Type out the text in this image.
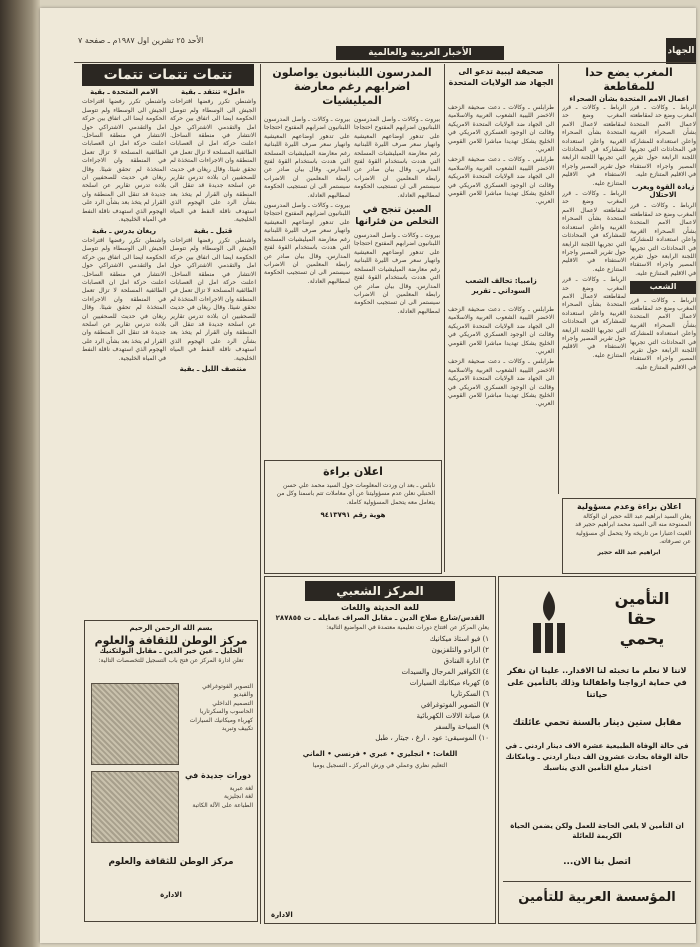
الأحد ٢٥ تشرين اول ١٩٨٧م ـ صفحة ٧
الأخبار العربية والعالمية	الجهاد
تتمات تتمات تتمات

الامم المتحدة ـ بقية

واشنطن تكرر رفضها اقتراحات الجيش الى الوسطاء ولم تتوصل الحكومة ايضا الى اتفاق بين حركة امل والتقدمي الاشتراكي حول الانتشار في منطقة الساحل. اعلنت حركة امل ان العصابات الطائفية المسلحة لا تزال تعمل في المنطقة وان الاجراءات المتخذة لم تحقق شيئا. وقال ريغان في حديث للصحفيين ان بلاده تدرس تقارير عن اسلحة جديدة قد تنقل الى المنطقة وان القرار لم يتخذ بعد بشأن الرد على الهجوم الذي استهدف ناقلة النفط في المياه الخليجية.

ريغان يدرس ـ بقية

واشنطن تكرر رفضها اقتراحات الجيش الى الوسطاء ولم تتوصل الحكومة ايضا الى اتفاق بين حركة امل والتقدمي الاشتراكي حول الانتشار في منطقة الساحل. اعلنت حركة امل ان العصابات الطائفية المسلحة لا تزال تعمل في المنطقة وان الاجراءات المتخذة لم تحقق شيئا. وقال ريغان في حديث للصحفيين ان بلاده تدرس تقارير عن اسلحة جديدة قد تنقل الى المنطقة وان القرار لم يتخذ بعد بشأن الرد على الهجوم الذي استهدف ناقلة النفط في المياه الخليجية.

«أمل» تنتقد ـ بقية

واشنطن تكرر رفضها اقتراحات الجيش الى الوسطاء ولم تتوصل الحكومة ايضا الى اتفاق بين حركة امل والتقدمي الاشتراكي حول الانتشار في منطقة الساحل. اعلنت حركة امل ان العصابات الطائفية المسلحة لا تزال تعمل في المنطقة وان الاجراءات المتخذة لم تحقق شيئا. وقال ريغان في حديث للصحفيين ان بلاده تدرس تقارير عن اسلحة جديدة قد تنقل الى المنطقة وان القرار لم يتخذ بعد بشأن الرد على الهجوم الذي استهدف ناقلة النفط في المياه الخليجية.

قتيل ـ بقية

واشنطن تكرر رفضها اقتراحات الجيش الى الوسطاء ولم تتوصل الحكومة ايضا الى اتفاق بين حركة امل والتقدمي الاشتراكي حول الانتشار في منطقة الساحل. اعلنت حركة امل ان العصابات الطائفية المسلحة لا تزال تعمل في المنطقة وان الاجراءات المتخذة لم تحقق شيئا. وقال ريغان في حديث للصحفيين ان بلاده تدرس تقارير عن اسلحة جديدة قد تنقل الى المنطقة وان القرار لم يتخذ بعد بشأن الرد على الهجوم الذي استهدف ناقلة النفط في المياه الخليجية.

منتصف الليل ـ بقية

بسم الله الرحمن الرحيم
مركز الوطن للثقافة والعلوم
الخليل ـ عين خير الدين ـ مقابل البولتكنيك
تعلن ادارة المركز عن فتح باب التسجيل للتخصصات التالية:
التصوير الفوتوغرافي والفيديو
التصميم الداخلي
الحاسوب والسكرتاريا
كهرباء وميكانيك السيارات
تكييف وتبريد
دورات جديدة في
لغة عبرية
لغة انجليزية
الطباعة على الآلة الكاتبة
مركز الوطن للثقافة والعلوم
الادارة
المدرسون اللبنانيون يواصلون اضرابهم رغم معارضة الميليشيات

بيروت ـ وكالات ـ واصل المدرسون اللبنانيون اضرابهم المفتوح احتجاجا على تدهور اوضاعهم المعيشية وانهيار سعر صرف الليرة اللبنانية رغم معارضة الميليشيات المسلحة التي هددت باستخدام القوة لفتح المدارس. وقال بيان صادر عن رابطة المعلمين ان الاضراب سيستمر الى ان تستجيب الحكومة لمطالبهم العادلة.

بيروت ـ وكالات ـ واصل المدرسون اللبنانيون اضرابهم المفتوح احتجاجا على تدهور اوضاعهم المعيشية وانهيار سعر صرف الليرة اللبنانية رغم معارضة الميليشيات المسلحة التي هددت باستخدام القوة لفتح المدارس. وقال بيان صادر عن رابطة المعلمين ان الاضراب سيستمر الى ان تستجيب الحكومة لمطالبهم العادلة.

بيروت ـ وكالات ـ واصل المدرسون اللبنانيون اضرابهم المفتوح احتجاجا على تدهور اوضاعهم المعيشية وانهيار سعر صرف الليرة اللبنانية رغم معارضة الميليشيات المسلحة التي هددت باستخدام القوة لفتح المدارس. وقال بيان صادر عن رابطة المعلمين ان الاضراب سيستمر الى ان تستجيب الحكومة لمطالبهم العادلة.

الصين تنجح في التخلص من فئرانها

بيروت ـ وكالات ـ واصل المدرسون اللبنانيون اضرابهم المفتوح احتجاجا على تدهور اوضاعهم المعيشية وانهيار سعر صرف الليرة اللبنانية رغم معارضة الميليشيات المسلحة التي هددت باستخدام القوة لفتح المدارس. وقال بيان صادر عن رابطة المعلمين ان الاضراب سيستمر الى ان تستجيب الحكومة لمطالبهم العادلة.

اعلان براءة
نابلس ـ بعد ان وردت المعلومات حول السيد محمد علي حسن الحنبلي نعلن عدم مسؤوليتنا عن أي معاملات تتم باسمنا وكل من يتعامل معه يتحمل المسؤولية كاملة.
هوية رقم ٩٤١٣٧٩١
المركز الشعبي
للغة الحديثة واللغات
القدس/شارع صلاح الدين ـ مقابل الصراف عمايله ـ ت ٢٨٧٨٥٥
يعلن المركز عن افتتاح دورات تعليمية معتمدة في المواضيع التالية:
١) فيو استاذ ميكانيك
٢) الرادو والتلفزيون
٣) ادارة الفنادق
٤) الكوافير المرجال والسيدات
٥) كهرباء ميكانيك السيارات
٦) السكرتاريا
٧) التصوير الفوتوغرافي
٨) صيانة الالات الكهربائية
٩) السياحة والسفر
١٠) الموسيقى: عود ، ارغ ، جيتار ، طبل
اللغات: • انجليزي • عبري • فرنسي • الماني
التعليم نظري وعملي في ورش المركز ـ التسجيل يوميا
الادارة
صحيفة ليبية تدعو الى الجهاد ضد الولايات المتحدة

طرابلس ـ وكالات ـ دعت صحيفة الزحف الاخضر الليبية الشعوب العربية والاسلامية الى الجهاد ضد الولايات المتحدة الامريكية وقالت ان الوجود العسكري الامريكي في الخليج يشكل تهديدا مباشرا للامن القومي العربي.

طرابلس ـ وكالات ـ دعت صحيفة الزحف الاخضر الليبية الشعوب العربية والاسلامية الى الجهاد ضد الولايات المتحدة الامريكية وقالت ان الوجود العسكري الامريكي في الخليج يشكل تهديدا مباشرا للامن القومي العربي.

زامبيا: تحالف الشعب السوداني ـ تقرير

طرابلس ـ وكالات ـ دعت صحيفة الزحف الاخضر الليبية الشعوب العربية والاسلامية الى الجهاد ضد الولايات المتحدة الامريكية وقالت ان الوجود العسكري الامريكي في الخليج يشكل تهديدا مباشرا للامن القومي العربي.

طرابلس ـ وكالات ـ دعت صحيفة الزحف الاخضر الليبية الشعوب العربية والاسلامية الى الجهاد ضد الولايات المتحدة الامريكية وقالت ان الوجود العسكري الامريكي في الخليج يشكل تهديدا مباشرا للامن القومي العربي.

المغرب يضع حدا للمقاطعة
اعمال الامم المتحدة بشأن الصحراء

الرباط ـ وكالات ـ قرر المغرب وضع حد لمقاطعته لاعمال الامم المتحدة بشأن الصحراء الغربية واعلن استعداده للمشاركة في المحادثات التي تجريها اللجنة الرابعة حول تقرير المصير واجراء الاستفتاء في الاقليم المتنازع عليه.

الرباط ـ وكالات ـ قرر المغرب وضع حد لمقاطعته لاعمال الامم المتحدة بشأن الصحراء الغربية واعلن استعداده للمشاركة في المحادثات التي تجريها اللجنة الرابعة حول تقرير المصير واجراء الاستفتاء في الاقليم المتنازع عليه.

الرباط ـ وكالات ـ قرر المغرب وضع حد لمقاطعته لاعمال الامم المتحدة بشأن الصحراء الغربية واعلن استعداده للمشاركة في المحادثات التي تجريها اللجنة الرابعة حول تقرير المصير واجراء الاستفتاء في الاقليم المتنازع عليه.

الرباط ـ وكالات ـ قرر المغرب وضع حد لمقاطعته لاعمال الامم المتحدة بشأن الصحراء الغربية واعلن استعداده للمشاركة في المحادثات التي تجريها اللجنة الرابعة حول تقرير المصير واجراء الاستفتاء في الاقليم المتنازع عليه.

زيادة القوة ويغرب الاحتلال

الرباط ـ وكالات ـ قرر المغرب وضع حد لمقاطعته لاعمال الامم المتحدة بشأن الصحراء الغربية واعلن استعداده للمشاركة في المحادثات التي تجريها اللجنة الرابعة حول تقرير المصير واجراء الاستفتاء في الاقليم المتنازع عليه.

الشعب

الرباط ـ وكالات ـ قرر المغرب وضع حد لمقاطعته لاعمال الامم المتحدة بشأن الصحراء الغربية واعلن استعداده للمشاركة في المحادثات التي تجريها اللجنة الرابعة حول تقرير المصير واجراء الاستفتاء في الاقليم المتنازع عليه.

اعلان براءة وعدم مسؤولية
يعلن السيد ابراهيم عبد الله حجير ان الوكالة الممنوحة منه الى السيد محمد ابراهيم حجير قد الغيت اعتبارا من تاريخه ولا يتحمل أي مسؤولية عن تصرفاته.
ابراهيم عبد الله حجير
التأمين
حقا
يحمي
لاننا لا نعلم ما تخبئه لنا الاقدار.. علينا ان نفكر في حماية ازواجنا واطفالنا وذلك بالتأمين على حياتنا
مقابل ستين دينار بالسنة تحمي عائلتك
في حالة الوفاة الطبيعية عشرة الاف دينار اردني ـ في حالة الوفاة بحادث عشرون الف دينار اردني ـ وبامكانك اختيار مبلغ التأمين الذي يناسبك
ان التأمين لا يلغي الحاجة للعمل ولكن يضمن الحياة الكريمة للعائلة
اتصل بنا الان...
المؤسسة العربية للتأمين
